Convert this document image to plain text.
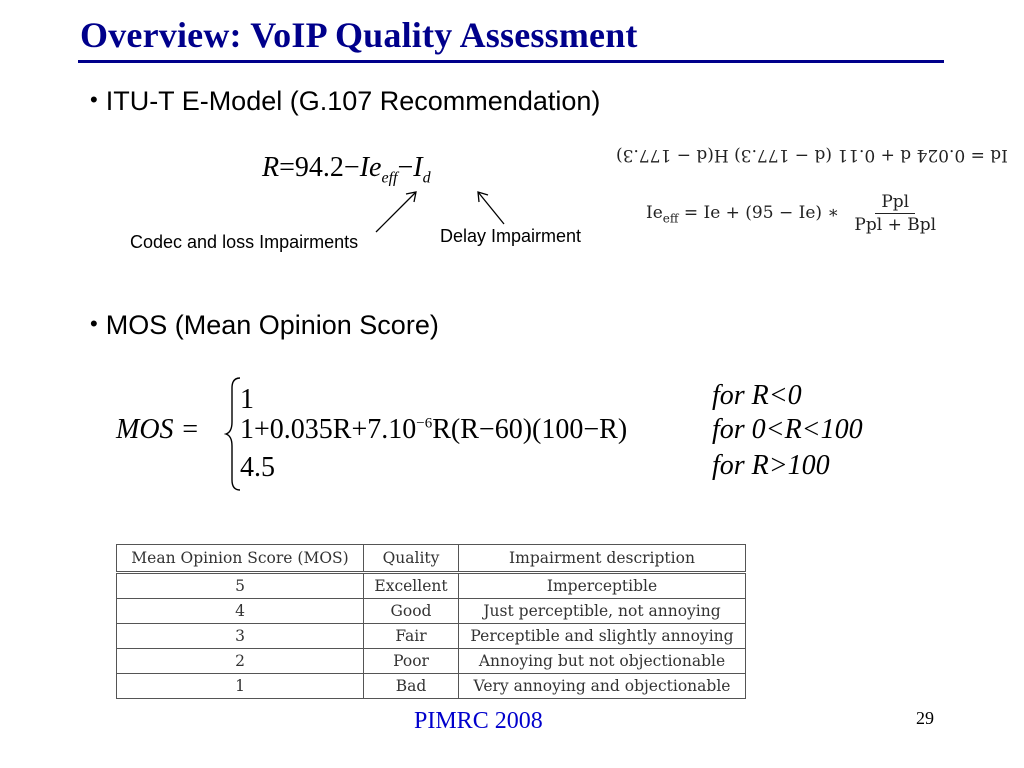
Overview: VoIP Quality Assessment
• ITU-T E-Model (G.107 Recommendation)
$R=94.2-Ie_{eff}-I_d$
Codec and loss Impairments	Delay Impairment
Id = 0.024 d + 0.11 (d − 177.3) H(d − 177.3)
$Ie_{eff} = Ie + (95 - Ie)$ ∗ $\frac{\text{Ppl}}{\text{Ppl + Bpl}}$
• MOS (Mean Opinion Score)
MOS =
1
$1+0.035R+7.10^{-6}R(R-60)(100-R)$
4.5
for R<0
for 0<R<100
for R>100
Mean Opinion Score (MOS)	Quality	Impairment description
5	Excellent	Imperceptible
4	Good	Just perceptible, not annoying
3	Fair	Perceptible and slightly annoying
2	Poor	Annoying but not objectionable
1	Bad	Very annoying and objectionable
PIMRC 2008	29
